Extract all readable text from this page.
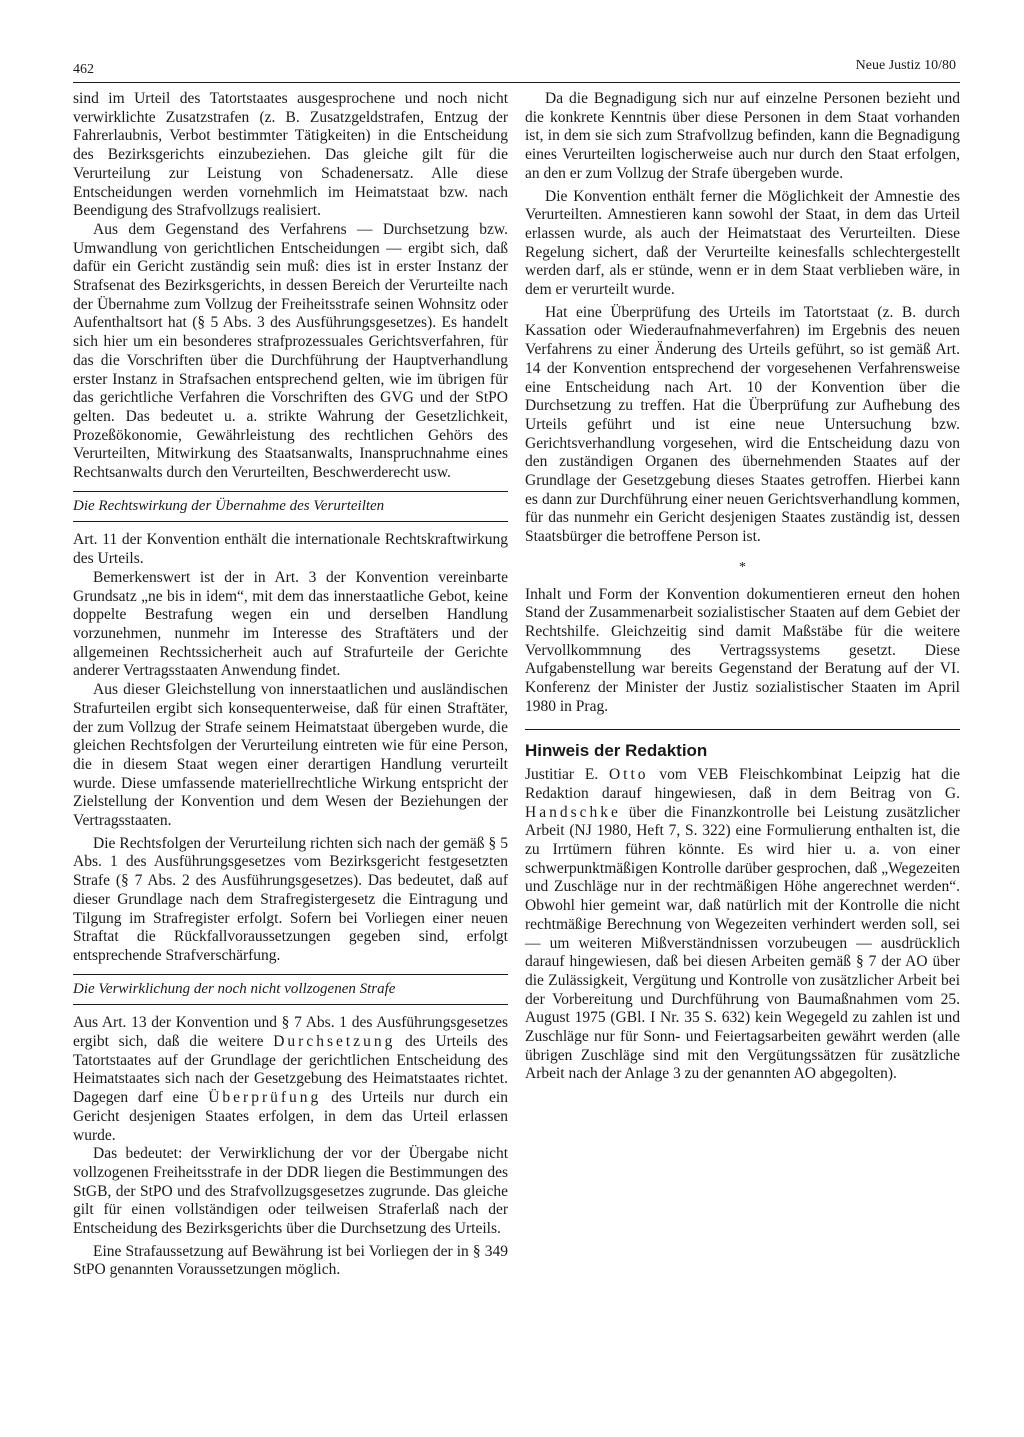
462	Neue Justiz 10/80

sind im Urteil des Tatortstaates ausgesprochene und noch nicht verwirklichte Zusatzstrafen (z. B. Zusatzgeldstrafen, Entzug der Fahrerlaubnis, Verbot bestimmter Tätigkeiten) in die Entscheidung des Bezirksgerichts einzubeziehen. Das gleiche gilt für die Verurteilung zur Leistung von Schadenersatz. Alle diese Entscheidungen werden vornehmlich im Heimatstaat bzw. nach Beendigung des Strafvollzugs realisiert.

Aus dem Gegenstand des Verfahrens — Durchsetzung bzw. Umwandlung von gerichtlichen Entscheidungen — ergibt sich, daß dafür ein Gericht zuständig sein muß: dies ist in erster Instanz der Strafsenat des Bezirksgerichts, in dessen Bereich der Verurteilte nach der Übernahme zum Vollzug der Freiheitsstrafe seinen Wohnsitz oder Aufenthaltsort hat (§ 5 Abs. 3 des Ausführungsgesetzes). Es handelt sich hier um ein besonderes strafprozessuales Gerichtsverfahren, für das die Vorschriften über die Durchführung der Hauptverhandlung erster Instanz in Strafsachen entsprechend gelten, wie im übrigen für das gerichtliche Verfahren die Vorschriften des GVG und der StPO gelten. Das bedeutet u. a. strikte Wahrung der Gesetzlichkeit, Prozeßökonomie, Gewährleistung des rechtlichen Gehörs des Verurteilten, Mitwirkung des Staatsanwalts, Inanspruchnahme eines Rechtsanwalts durch den Verurteilten, Beschwerderecht usw.

Die Rechtswirkung der Übernahme des Verurteilten

Art. 11 der Konvention enthält die internationale Rechtskraftwirkung des Urteils.

Bemerkenswert ist der in Art. 3 der Konvention vereinbarte Grundsatz „ne bis in idem“, mit dem das innerstaatliche Gebot, keine doppelte Bestrafung wegen ein und derselben Handlung vorzunehmen, nunmehr im Interesse des Straftäters und der allgemeinen Rechtssicherheit auch auf Strafurteile der Gerichte anderer Vertragsstaaten Anwendung findet.

Aus dieser Gleichstellung von innerstaatlichen und ausländischen Strafurteilen ergibt sich konsequenterweise, daß für einen Straftäter, der zum Vollzug der Strafe seinem Heimatstaat übergeben wurde, die gleichen Rechtsfolgen der Verurteilung eintreten wie für eine Person, die in diesem Staat wegen einer derartigen Handlung verurteilt wurde. Diese umfassende materiellrechtliche Wirkung entspricht der Zielstellung der Konvention und dem Wesen der Beziehungen der Vertragsstaaten.

Die Rechtsfolgen der Verurteilung richten sich nach der gemäß § 5 Abs. 1 des Ausführungsgesetzes vom Bezirksgericht festgesetzten Strafe (§ 7 Abs. 2 des Ausführungsgesetzes). Das bedeutet, daß auf dieser Grundlage nach dem Strafregistergesetz die Eintragung und Tilgung im Strafregister erfolgt. Sofern bei Vorliegen einer neuen Straftat die Rückfallvoraussetzungen gegeben sind, erfolgt entsprechende Strafverschärfung.

Die Verwirklichung der noch nicht vollzogenen Strafe

Aus Art. 13 der Konvention und § 7 Abs. 1 des Ausführungsgesetzes ergibt sich, daß die weitere Durchsetzung des Urteils des Tatortstaates auf der Grundlage der gerichtlichen Entscheidung des Heimatstaates sich nach der Gesetzgebung des Heimatstaates richtet. Dagegen darf eine Überprüfung des Urteils nur durch ein Gericht desjenigen Staates erfolgen, in dem das Urteil erlassen wurde.

Das bedeutet: der Verwirklichung der vor der Übergabe nicht vollzogenen Freiheitsstrafe in der DDR liegen die Bestimmungen des StGB, der StPO und des Strafvollzugsgesetzes zugrunde. Das gleiche gilt für einen vollständigen oder teilweisen Straferlaß nach der Entscheidung des Bezirksgerichts über die Durchsetzung des Urteils.

Eine Strafaussetzung auf Bewährung ist bei Vorliegen der in § 349 StPO genannten Voraussetzungen möglich.

Da die Begnadigung sich nur auf einzelne Personen bezieht und die konkrete Kenntnis über diese Personen in dem Staat vorhanden ist, in dem sie sich zum Strafvollzug befinden, kann die Begnadigung eines Verurteilten logischerweise auch nur durch den Staat erfolgen, an den er zum Vollzug der Strafe übergeben wurde.

Die Konvention enthält ferner die Möglichkeit der Amnestie des Verurteilten. Amnestieren kann sowohl der Staat, in dem das Urteil erlassen wurde, als auch der Heimatstaat des Verurteilten. Diese Regelung sichert, daß der Verurteilte keinesfalls schlechtergestellt werden darf, als er stünde, wenn er in dem Staat verblieben wäre, in dem er verurteilt wurde.

Hat eine Überprüfung des Urteils im Tatortstaat (z. B. durch Kassation oder Wiederaufnahmeverfahren) im Ergebnis des neuen Verfahrens zu einer Änderung des Urteils geführt, so ist gemäß Art. 14 der Konvention entsprechend der vorgesehenen Verfahrensweise eine Entscheidung nach Art. 10 der Konvention über die Durchsetzung zu treffen. Hat die Überprüfung zur Aufhebung des Urteils geführt und ist eine neue Untersuchung bzw. Gerichtsverhandlung vorgesehen, wird die Entscheidung dazu von den zuständigen Organen des übernehmenden Staates auf der Grundlage der Gesetzgebung dieses Staates getroffen. Hierbei kann es dann zur Durchführung einer neuen Gerichtsverhandlung kommen, für das nunmehr ein Gericht desjenigen Staates zuständig ist, dessen Staatsbürger die betroffene Person ist.

*

Inhalt und Form der Konvention dokumentieren erneut den hohen Stand der Zusammenarbeit sozialistischer Staaten auf dem Gebiet der Rechtshilfe. Gleichzeitig sind damit Maßstäbe für die weitere Vervollkommnung des Vertragssystems gesetzt. Diese Aufgabenstellung war bereits Gegenstand der Beratung auf der VI. Konferenz der Minister der Justiz sozialistischer Staaten im April 1980 in Prag.

Hinweis der Redaktion

Justitiar E. Otto vom VEB Fleischkombinat Leipzig hat die Redaktion darauf hingewiesen, daß in dem Beitrag von G. Handschke über die Finanzkontrolle bei Leistung zusätzlicher Arbeit (NJ 1980, Heft 7, S. 322) eine Formulierung enthalten ist, die zu Irrtümern führen könnte. Es wird hier u. a. von einer schwerpunktmäßigen Kontrolle darüber gesprochen, daß „Wegezeiten und Zuschläge nur in der rechtmäßigen Höhe angerechnet werden“. Obwohl hier gemeint war, daß natürlich mit der Kontrolle die nicht rechtmäßige Berechnung von Wegezeiten verhindert werden soll, sei — um weiteren Mißverständnissen vorzubeugen — ausdrücklich darauf hingewiesen, daß bei diesen Arbeiten gemäß § 7 der AO über die Zulässigkeit, Vergütung und Kontrolle von zusätzlicher Arbeit bei der Vorbereitung und Durchführung von Baumaßnahmen vom 25. August 1975 (GBl. I Nr. 35 S. 632) kein Wegegeld zu zahlen ist und Zuschläge nur für Sonn- und Feiertagsarbeiten gewährt werden (alle übrigen Zuschläge sind mit den Vergütungssätzen für zusätzliche Arbeit nach der Anlage 3 zu der genannten AO abgegolten).
